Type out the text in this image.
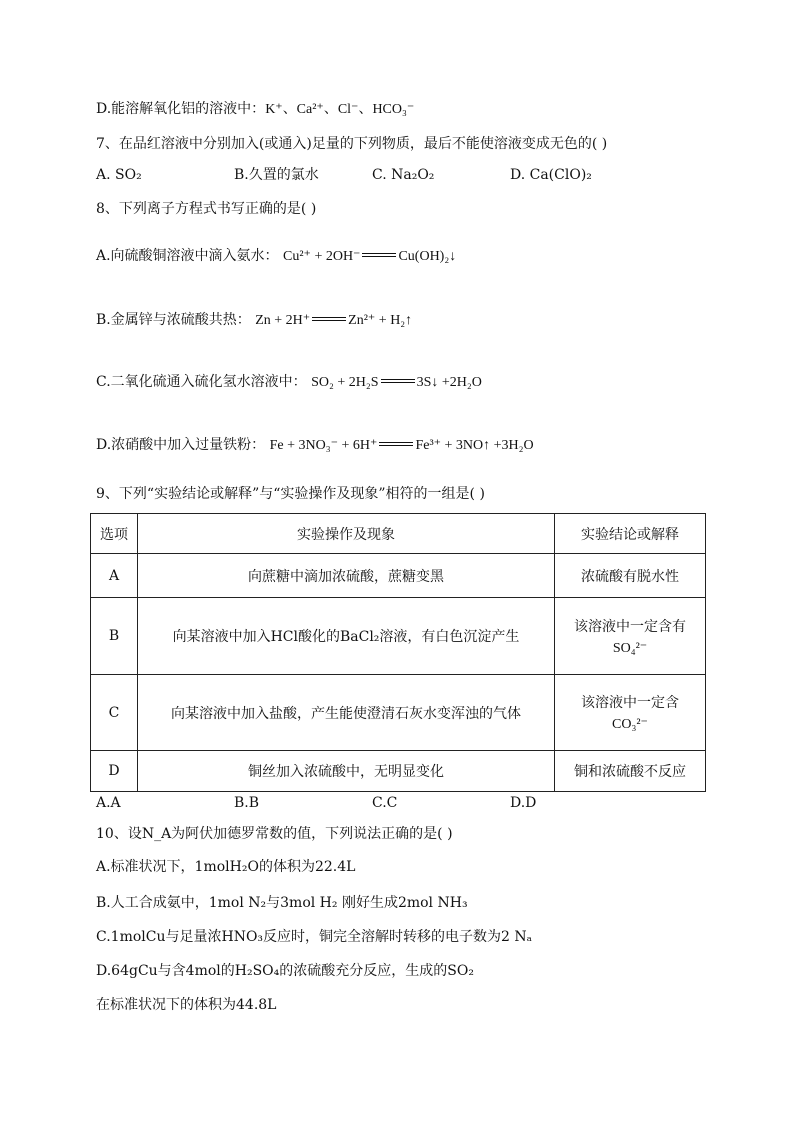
D.能溶解氧化铝的溶液中：K⁺、Ca²⁺、Cl⁻、HCO₃⁻
7、在品红溶液中分别加入(或通入)足量的下列物质，最后不能使溶液变成无色的( )
A. SO₂	B.久置的氯水	C. Na₂O₂	D. Ca(ClO)₂
8、下列离子方程式书写正确的是( )
A.向硫酸铜溶液中滴入氨水： Cu²⁺ + 2OH⁻	Cu(OH)₂↓
B.金属锌与浓硫酸共热： Zn + 2H⁺	Zn²⁺ + H₂↑
C.二氧化硫通入硫化氢水溶液中： SO₂ + 2H₂S	3S↓ +2H₂O
D.浓硝酸中加入过量铁粉： Fe + 3NO₃⁻ + 6H⁺	Fe³⁺ + 3NO↑ +3H₂O
9、下列“实验结论或解释”与“实验操作及现象”相符的一组是( )
选项	实验操作及现象	实验结论或解释
A	向蔗糖中滴加浓硫酸，蔗糖变黑	浓硫酸有脱水性
B	向某溶液中加入HCl酸化的BaCl₂溶液，有白色沉淀产生	该溶液中一定含有
SO₄²⁻

C	向某溶液中加入盐酸，产生能使澄清石灰水变浑浊的气体	该溶液中一定含
CO₃²⁻

D	铜丝加入浓硫酸中，无明显变化	铜和浓硫酸不反应
A.A	B.B	C.C	D.D
10、设N_A为阿伏加德罗常数的值，下列说法正确的是( )
A.标准状况下，1molH₂O的体积为22.4L
B.人工合成氨中，1mol N₂与3mol H₂ 刚好生成2mol NH₃
C.1molCu与足量浓HNO₃反应时，铜完全溶解时转移的电子数为2 Nₐ
D.64gCu与含4mol的H₂SO₄的浓硫酸充分反应，生成的SO₂
在标准状况下的体积为44.8L
